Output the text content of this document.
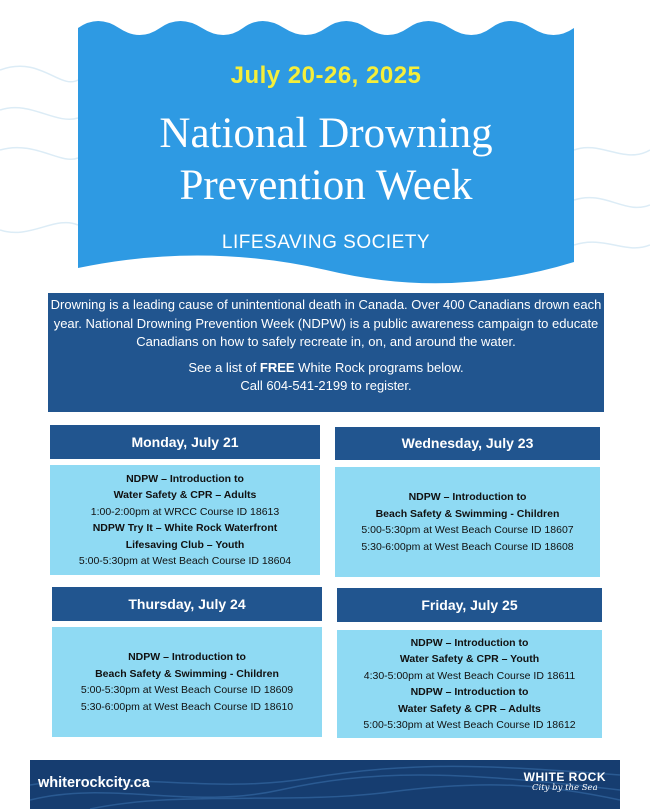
July 20-26, 2025
National Drowning
Prevention Week
LIFESAVING SOCIETY

Drowning is a leading cause of unintentional death in Canada. Over 400 Canadians drown each year. National Drowning Prevention Week (NDPW) is a public awareness campaign to educate Canadians on how to safely recreate in, on, and around the water.

See a list of FREE White Rock programs below.
Call 604-541-2199 to register.

Monday, July 21
NDPW – Introduction to
Water Safety & CPR – Adults
1:00-2:00pm at WRCC Course ID 18613
NDPW Try It – White Rock Waterfront
Lifesaving Club – Youth
5:00-5:30pm at West Beach Course ID 18604
Wednesday, July 23
NDPW – Introduction to
Beach Safety & Swimming - Children
5:00-5:30pm at West Beach Course ID 18607
5:30-6:00pm at West Beach Course ID 18608
Thursday, July 24
NDPW – Introduction to
Beach Safety & Swimming - Children
5:00-5:30pm at West Beach Course ID 18609
5:30-6:00pm at West Beach Course ID 18610
Friday, July 25
NDPW – Introduction to
Water Safety & CPR – Youth
4:30-5:00pm at West Beach Course ID 18611
NDPW – Introduction to
Water Safety & CPR – Adults
5:00-5:30pm at West Beach Course ID 18612
whiterockcity.ca	WHITE ROCK
City by the Sea
